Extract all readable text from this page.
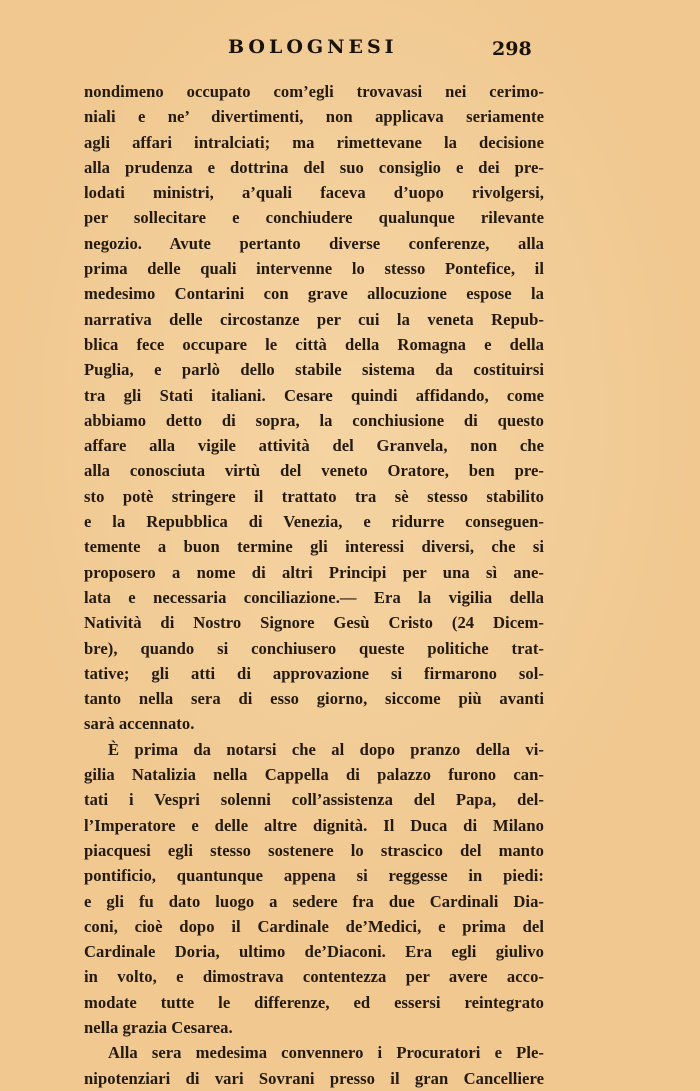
BOLOGNESI	298
nondimeno occupato com’egli trovavasi nei cerimo-
niali e ne’ divertimenti, non applicava seriamente
agli affari intralciati; ma rimettevane la decisione
alla prudenza e dottrina del suo consiglio e dei pre-
lodati ministri, a’quali faceva d’uopo rivolgersi,
per sollecitare e conchiudere qualunque rilevante
negozio. Avute pertanto diverse conferenze, alla
prima delle quali intervenne lo stesso Pontefice, il
medesimo Contarini con grave allocuzione espose la
narrativa delle circostanze per cui la veneta Repub-
blica fece occupare le città della Romagna e della
Puglia, e parlò dello stabile sistema da costituirsi
tra gli Stati italiani. Cesare quindi affidando, come
abbiamo detto di sopra, la conchiusione di questo
affare alla vigile attività del Granvela, non che
alla conosciuta virtù del veneto Oratore, ben pre-
sto potè stringere il trattato tra sè stesso stabilito
e la Repubblica di Venezia, e ridurre conseguen-
temente a buon termine gli interessi diversi, che si
proposero a nome di altri Principi per una sì ane-
lata e necessaria conciliazione.— Era la vigilia della
Natività di Nostro Signore Gesù Cristo (24 Dicem-
bre), quando si conchiusero queste politiche trat-
tative; gli atti di approvazione si firmarono sol-
tanto nella sera di esso giorno, siccome più avanti
sarà accennato.
È prima da notarsi che al dopo pranzo della vi-
gilia Natalizia nella Cappella di palazzo furono can-
tati i Vespri solenni coll’assistenza del Papa, del-
l’Imperatore e delle altre dignità. Il Duca di Milano
piacquesi egli stesso sostenere lo strascico del manto
pontificio, quantunque appena si reggesse in piedi:
e gli fu dato luogo a sedere fra due Cardinali Dia-
coni, cioè dopo il Cardinale de’Medici, e prima del
Cardinale Doria, ultimo de’Diaconi. Era egli giulivo
in volto, e dimostrava contentezza per avere acco-
modate tutte le differenze, ed essersi reintegrato
nella grazia Cesarea.
Alla sera medesima convennero i Procuratori e Ple-
nipotenziari di vari Sovrani presso il gran Cancelliere
